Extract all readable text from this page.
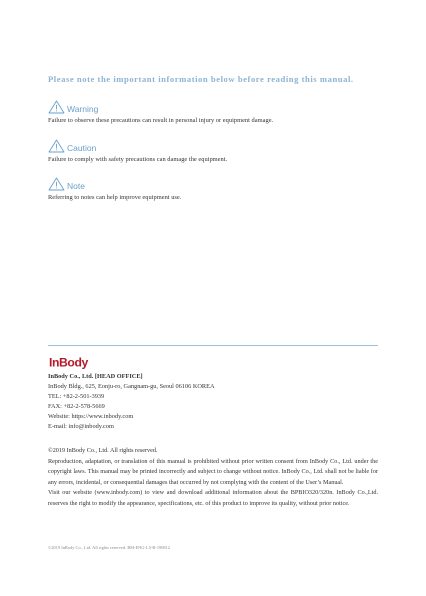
Please note the important information below before reading this manual.
Warning
Failure to observe these precautions can result in personal injury or equipment damage.
Caution
Failure to comply with safety precautions can damage the equipment.
Note
Referring to notes can help improve equipment use.
InBody
InBody Co., Ltd. [HEAD OFFICE]
InBody Bldg., 625, Eonju-ro, Gangnam-gu, Seoul 06106 KOREA
TEL: +82-2-501-3939
FAX: +82-2-578-5669
Website: https://www.inbody.com
E-mail: info@inbody.com

©2019 InBody Co., Ltd. All rights reserved.

Reproduction, adaptation, or translation of this manual is prohibited without prior written consent from InBody Co., Ltd. under the copyright laws. This manual may be printed incorrectly and subject to change without notice. InBody Co., Ltd. shall not be liable for any errors, incidental, or consequential damages that occurred by not complying with the content of the User’s Manual.

Visit our website (www.inbody.com) to view and download additional information about the BPBIO320/320n. InBody Co.,Ltd. reserves the right to modify the appearance, specifications, etc. of this product to improve its quality, without prior notice.

©2019 InBody Co., Ltd. All rights reserved. BM-ENG-L5-B-190812
